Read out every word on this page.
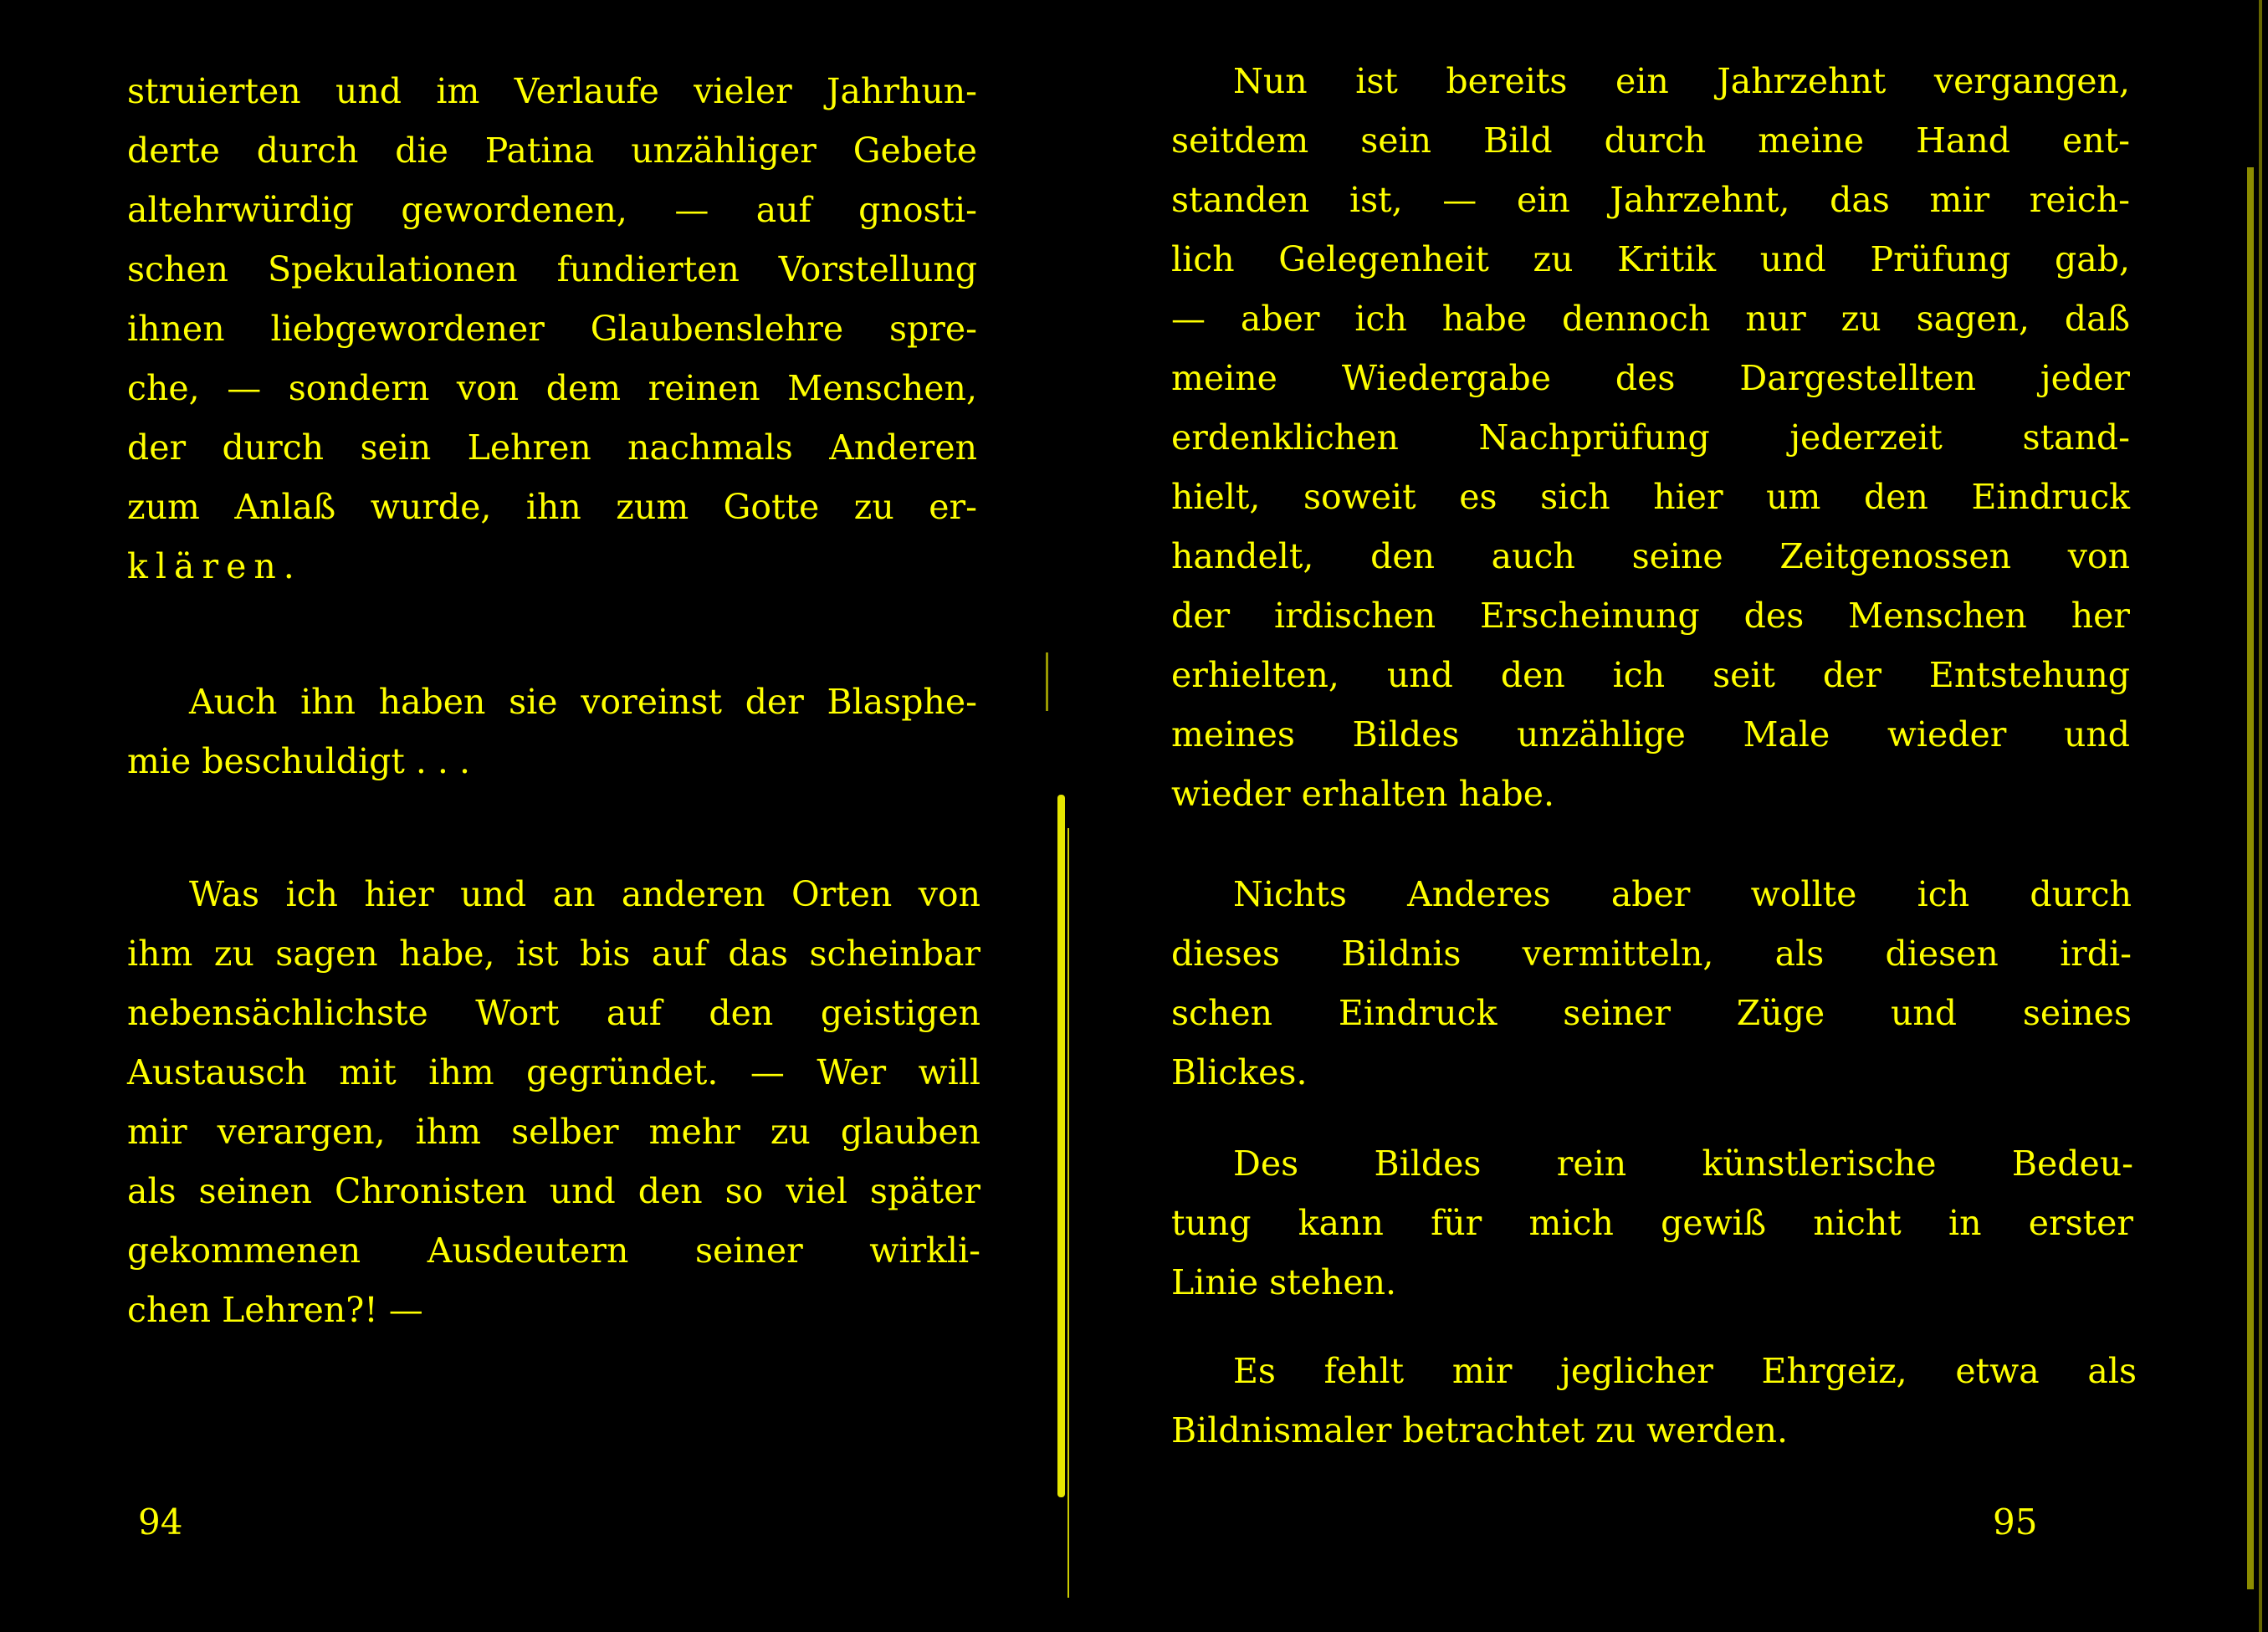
struierten und im Verlaufe vieler Jahrhun-
derte durch die Patina unzähliger Gebete
altehrwürdig gewordenen, — auf gnosti-
schen Spekulationen fundierten Vorstellung
ihnen liebgewordener Glaubenslehre spre-
che, — sondern von dem reinen Menschen,
der durch sein Lehren nachmals Anderen
zum Anlaß wurde, ihn zum Gotte zu er-
klären.

Auch ihn haben sie voreinst der Blasphe-
mie beschuldigt . . .

Was ich hier und an anderen Orten von
ihm zu sagen habe, ist bis auf das scheinbar
nebensächlichste Wort auf den geistigen
Austausch mit ihm gegründet. — Wer will
mir verargen, ihm selber mehr zu glauben
als seinen Chronisten und den so viel später
gekommenen Ausdeutern seiner wirkli-
chen Lehren?! —

94

Nun ist bereits ein Jahrzehnt vergangen,
seitdem sein Bild durch meine Hand ent-
standen ist, — ein Jahrzehnt, das mir reich-
lich Gelegenheit zu Kritik und Prüfung gab,
— aber ich habe dennoch nur zu sagen, daß
meine Wiedergabe des Dargestellten jeder
erdenklichen Nachprüfung jederzeit stand-
hielt, soweit es sich hier um den Eindruck
handelt, den auch seine Zeitgenossen von
der irdischen Erscheinung des Menschen her
erhielten, und den ich seit der Entstehung
meines Bildes unzählige Male wieder und
wieder erhalten habe.

Nichts Anderes aber wollte ich durch
dieses Bildnis vermitteln, als diesen irdi-
schen Eindruck seiner Züge und seines
Blickes.

Des Bildes rein künstlerische Bedeu-
tung kann für mich gewiß nicht in erster
Linie stehen.

Es fehlt mir jeglicher Ehrgeiz, etwa als
Bildnismaler betrachtet zu werden.

95
